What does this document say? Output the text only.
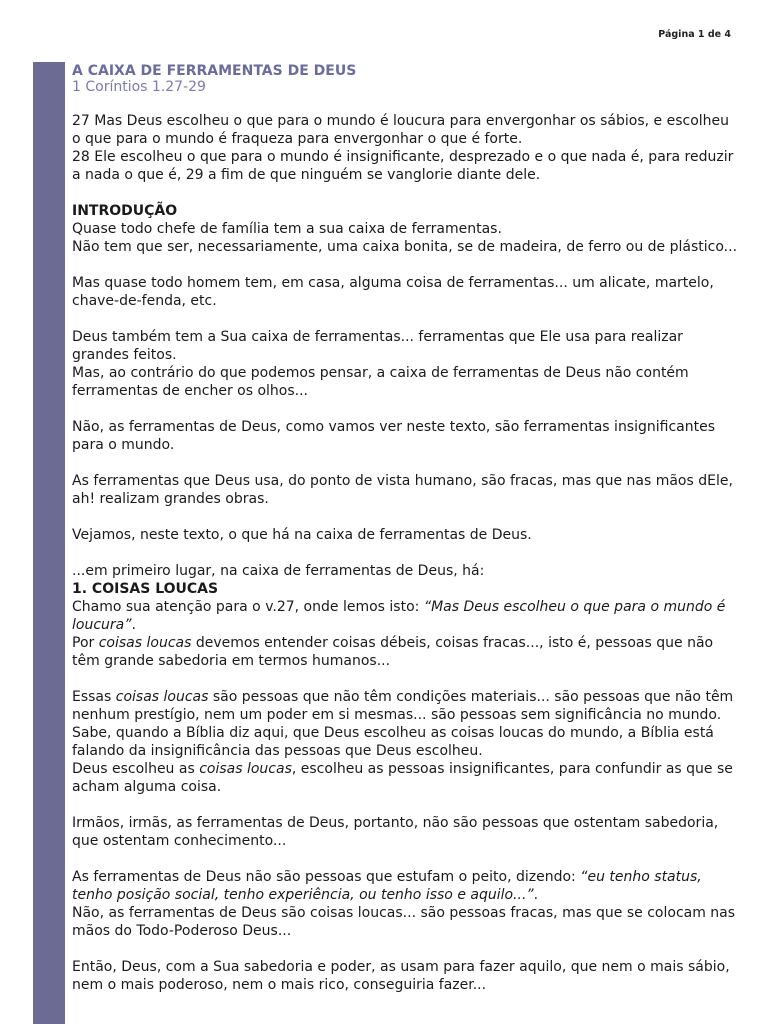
Página 1 de 4
A CAIXA DE FERRAMENTAS DE DEUS
1 Coríntios 1.27-29

27 Mas Deus escolheu o que para o mundo é loucura para envergonhar os sábios, e escolheu o que para o mundo é fraqueza para envergonhar o que é forte.
28 Ele escolheu o que para o mundo é insignificante, desprezado e o que nada é, para reduzir a nada o que é, 29 a fim de que ninguém se vanglorie diante dele.

INTRODUÇÃO
Quase todo chefe de família tem a sua caixa de ferramentas.
Não tem que ser, necessariamente, uma caixa bonita, se de madeira, de ferro ou de plástico...

Mas quase todo homem tem, em casa, alguma coisa de ferramentas... um alicate, martelo, chave-de-fenda, etc.

Deus também tem a Sua caixa de ferramentas... ferramentas que Ele usa para realizar grandes feitos.
Mas, ao contrário do que podemos pensar, a caixa de ferramentas de Deus não contém ferramentas de encher os olhos...

Não, as ferramentas de Deus, como vamos ver neste texto, são ferramentas insignificantes para o mundo.

As ferramentas que Deus usa, do ponto de vista humano, são fracas, mas que nas mãos dEle, ah! realizam grandes obras.

Vejamos, neste texto, o que há na caixa de ferramentas de Deus.

...em primeiro lugar, na caixa de ferramentas de Deus, há:
1. COISAS LOUCAS
Chamo sua atenção para o v.27, onde lemos isto: “Mas Deus escolheu o que para o mundo é loucura”.
Por coisas loucas devemos entender coisas débeis, coisas fracas..., isto é, pessoas que não têm grande sabedoria em termos humanos...

Essas coisas loucas são pessoas que não têm condições materiais... são pessoas que não têm nenhum prestígio, nem um poder em si mesmas... são pessoas sem significância no mundo.
Sabe, quando a Bíblia diz aqui, que Deus escolheu as coisas loucas do mundo, a Bíblia está falando da insignificância das pessoas que Deus escolheu.
Deus escolheu as coisas loucas, escolheu as pessoas insignificantes, para confundir as que se acham alguma coisa.

Irmãos, irmãs, as ferramentas de Deus, portanto, não são pessoas que ostentam sabedoria, que ostentam conhecimento...

As ferramentas de Deus não são pessoas que estufam o peito, dizendo: “eu tenho status, tenho posição social, tenho experiência, ou tenho isso e aquilo...”.
Não, as ferramentas de Deus são coisas loucas... são pessoas fracas, mas que se colocam nas mãos do Todo-Poderoso Deus...

Então, Deus, com a Sua sabedoria e poder, as usam para fazer aquilo, que nem o mais sábio, nem o mais poderoso, nem o mais rico, conseguiria fazer...
